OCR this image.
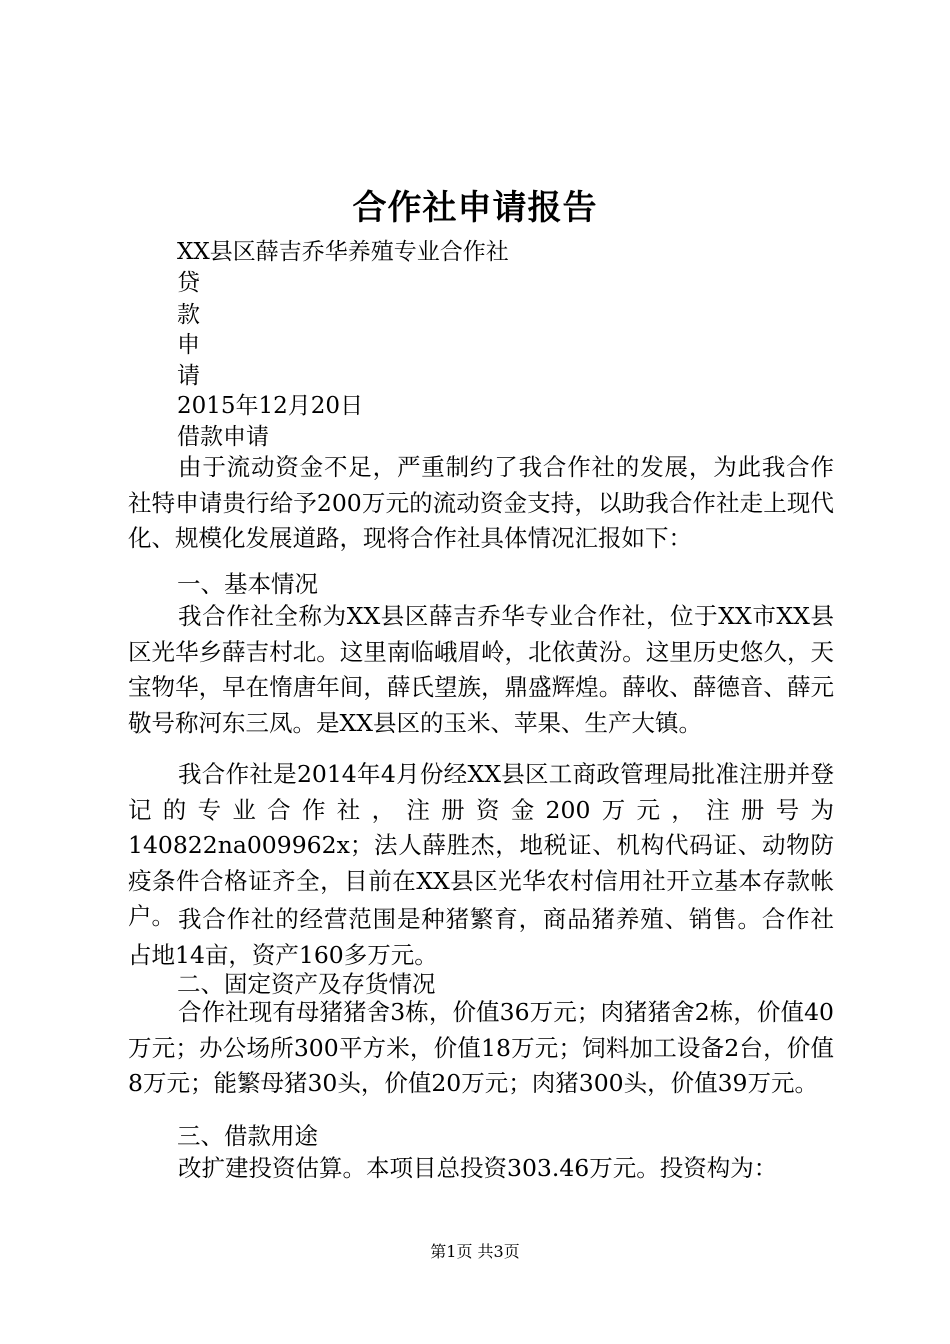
合作社申请报告
XX县区薛吉乔华养殖专业合作社
贷
款
申
请
2015年12月20日
借款申请

由于流动资金不足，严重制约了我合作社的发展，为此我合作社特申请贵行给予200万元的流动资金支持，以助我合作社走上现代化、规模化发展道路，现将合作社具体情况汇报如下：

一、基本情况

我合作社全称为XX县区薛吉乔华专业合作社，位于XX市XX县区光华乡薛吉村北。这里南临峨眉岭，北依黄汾。这里历史悠久，天宝物华，早在惰唐年间，薛氏望族，鼎盛辉煌。薛收、薛德音、薛元敬号称河东三凤。是XX县区的玉米、苹果、生产大镇。

我合作社是2014年4月份经XX县区工商政管理局批准注册并登记的专业合作社，注册资金200万元，注册号为140822na009962x；法人薛胜杰，地税证、机构代码证、动物防疫条件合格证齐全，目前在XX县区光华农村信用社开立基本存款帐户。 我合作社的经营范围是种猪繁育，商品猪养殖、销售。合作社占地14亩，资产160多万元。

二、固定资产及存货情况

合作社现有母猪猪舍3栋，价值36万元；肉猪猪舍2栋，价值40万元；办公场所300平方米，价值18万元；饲料加工设备2台，价值8万元；能繁母猪30头，价值20万元；肉猪300头，价值39万元。

三、借款用途

改扩建投资估算。本项目总投资303.46万元。投资构为：

第1页 共3页
